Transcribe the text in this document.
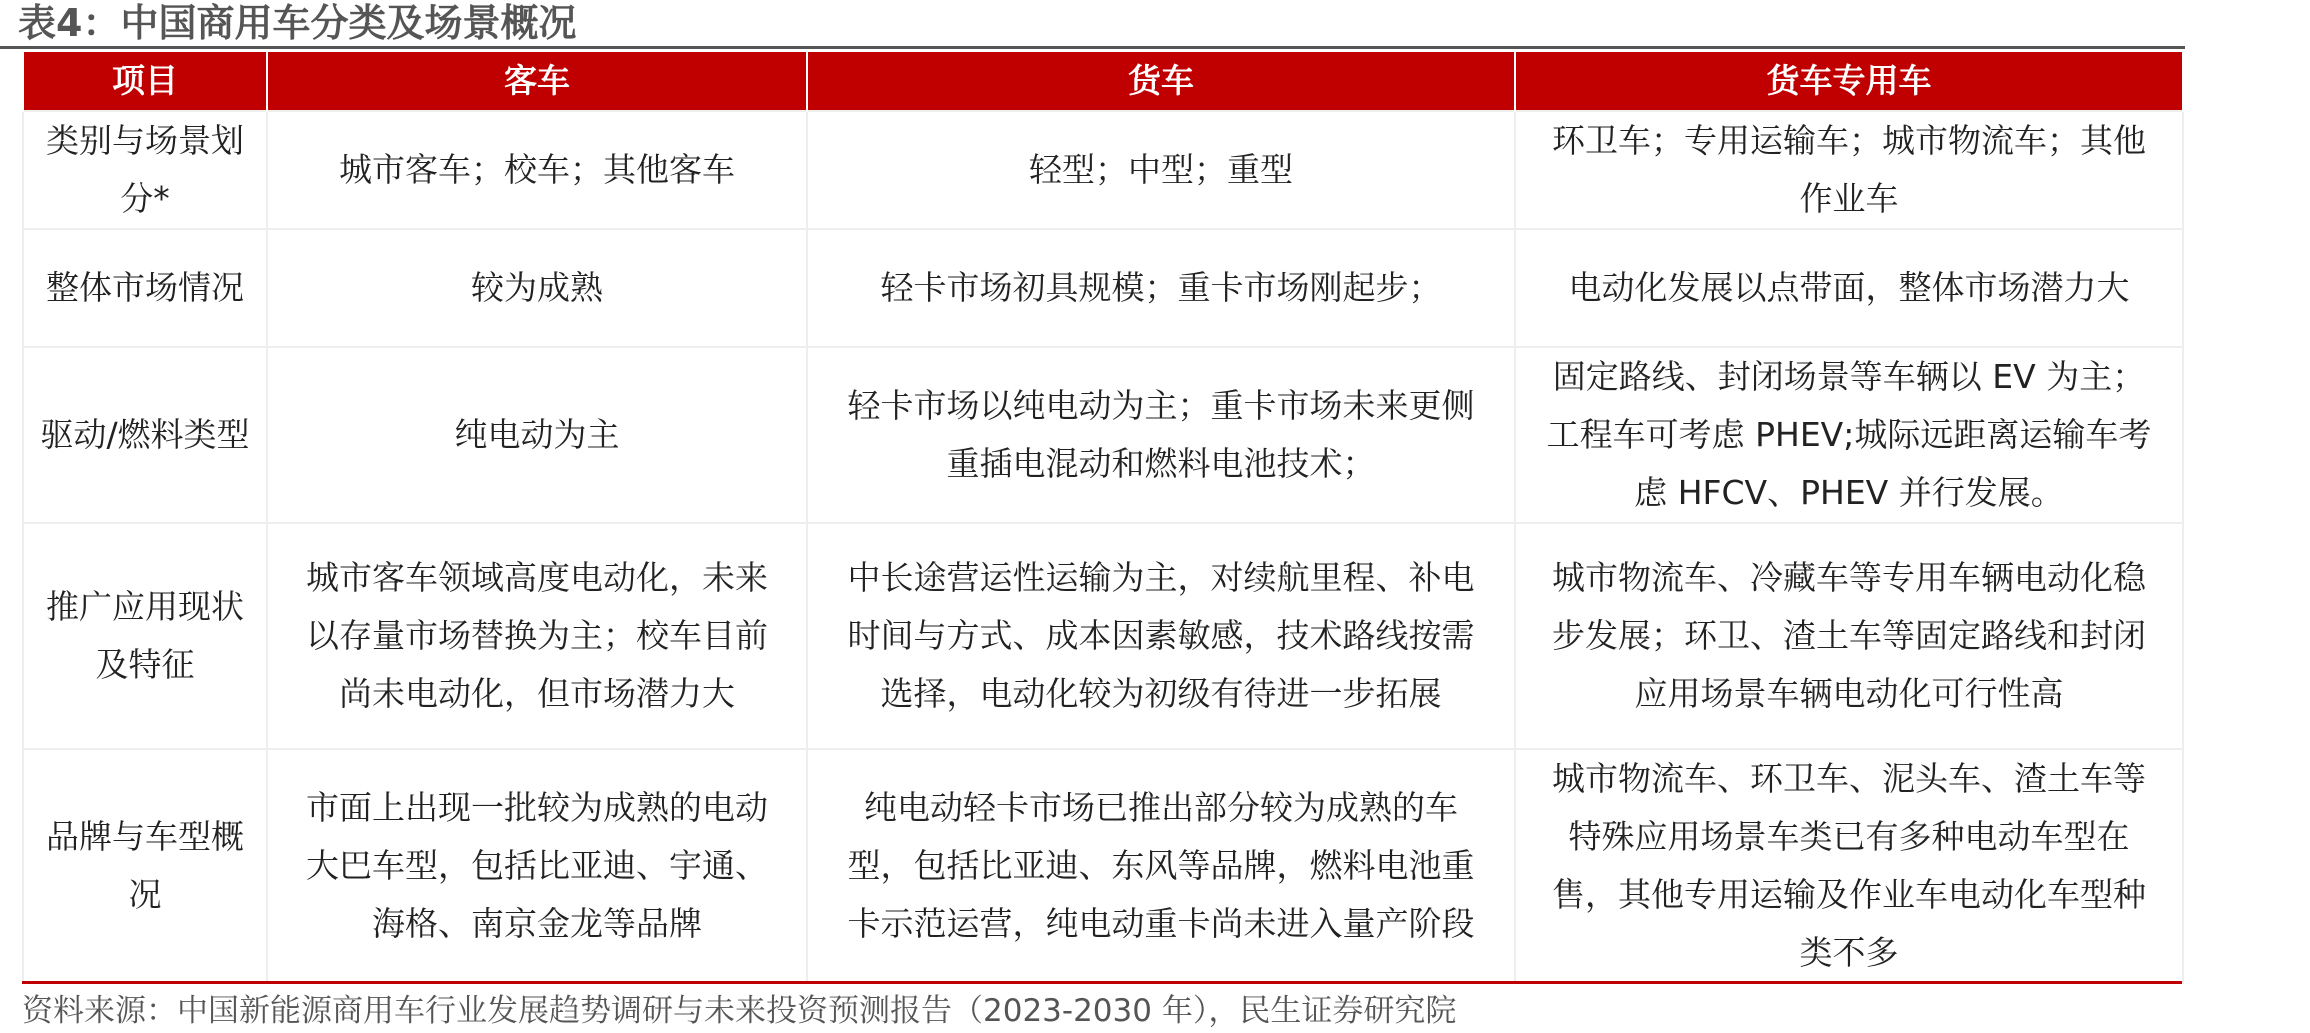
表4：中国商用车分类及场景概况
项目	客车	货车	货车专用车
类别与场景划分*	城市客车；校车；其他客车	轻型；中型；重型	环卫车；专用运输车；城市物流车；其他作业车
整体市场情况	较为成熟	轻卡市场初具规模；重卡市场刚起步；	电动化发展以点带面，整体市场潜力大
驱动/燃料类型	纯电动为主	轻卡市场以纯电动为主；重卡市场未来更侧重插电混动和燃料电池技术；	固定路线、封闭场景等车辆以 EV 为主；工程车可考虑 PHEV;城际远距离运输车考虑 HFCV、PHEV 并行发展。
推广应用现状及特征	城市客车领域高度电动化，未来以存量市场替换为主；校车目前尚未电动化，但市场潜力大	中长途营运性运输为主，对续航里程、补电时间与方式、成本因素敏感，技术路线按需选择，电动化较为初级有待进一步拓展	城市物流车、冷藏车等专用车辆电动化稳步发展；环卫、渣土车等固定路线和封闭应用场景车辆电动化可行性高
品牌与车型概况	市面上出现一批较为成熟的电动大巴车型，包括比亚迪、宇通、海格、南京金龙等品牌	纯电动轻卡市场已推出部分较为成熟的车型，包括比亚迪、东风等品牌，燃料电池重卡示范运营，纯电动重卡尚未进入量产阶段	城市物流车、环卫车、泥头车、渣土车等特殊应用场景车类已有多种电动车型在售，其他专用运输及作业车电动化车型种类不多
资料来源：中国新能源商用车行业发展趋势调研与未来投资预测报告（2023-2030 年），民生证券研究院
